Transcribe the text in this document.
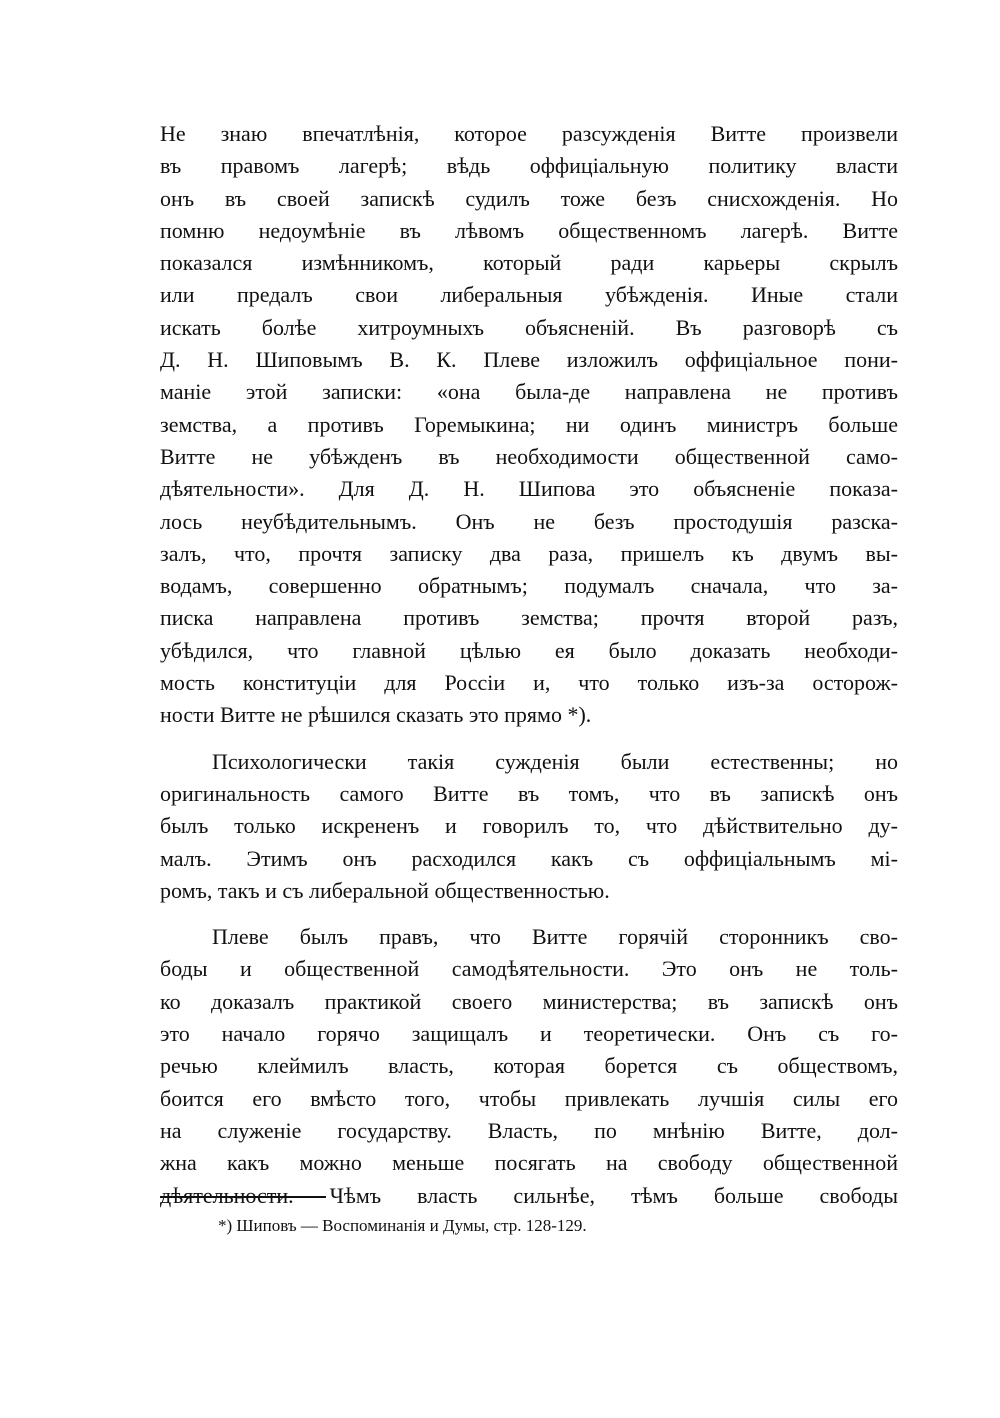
Не знаю впечатлѣнія, которое разсужденія Витте произвели
въ правомъ лагерѣ; вѣдь оффиціальную политику власти
онъ въ своей запискѣ судилъ тоже безъ снисхожденія. Но
помню недоумѣніе въ лѣвомъ общественномъ лагерѣ. Витте
показался измѣнникомъ, который ради карьеры скрылъ
или предалъ свои либеральныя убѣжденія. Иные стали
искать болѣе хитроумныхъ объясненій. Въ разговорѣ съ
Д. Н. Шиповымъ В. К. Плеве изложилъ оффиціальное пони-
маніе этой записки: «она была-де направлена не противъ
земства, а противъ Горемыкина; ни одинъ министръ больше
Витте не убѣжденъ въ необходимости общественной само-
дѣятельности». Для Д. Н. Шипова это объясненіе показа-
лось неубѣдительнымъ. Онъ не безъ простодушія разска-
залъ, что, прочтя записку два раза, пришелъ къ двумъ вы-
водамъ, совершенно обратнымъ; подумалъ сначала, что за-
писка направлена противъ земства; прочтя второй разъ,
убѣдился, что главной цѣлью ея было доказать необходи-
мость конституціи для Россіи и, что только изъ-за осторож-
ности Витте не рѣшился сказать это прямо *).
Психологически такія сужденія были естественны; но
оригинальность самого Витте въ томъ, что въ запискѣ онъ
былъ только искрененъ и говорилъ то, что дѣйствительно ду-
малъ. Этимъ онъ расходился какъ съ оффиціальнымъ мі-
ромъ, такъ и съ либеральной общественностью.
Плеве былъ правъ, что Витте горячій сторонникъ сво-
боды и общественной самодѣятельности. Это онъ не толь-
ко доказалъ практикой своего министерства; въ запискѣ онъ
это начало горячо защищалъ и теоретически. Онъ съ го-
речью клеймилъ власть, которая борется съ обществомъ,
боится его вмѣсто того, чтобы привлекать лучшія силы его
на служеніе государству. Власть, по мнѣнію Витте, дол-
жна какъ можно меньше посягать на свободу общественной
дѣятельности. Чѣмъ власть сильнѣе, тѣмъ больше свободы
*) Шиповъ — Воспоминанія и Думы, стр. 128-129.
